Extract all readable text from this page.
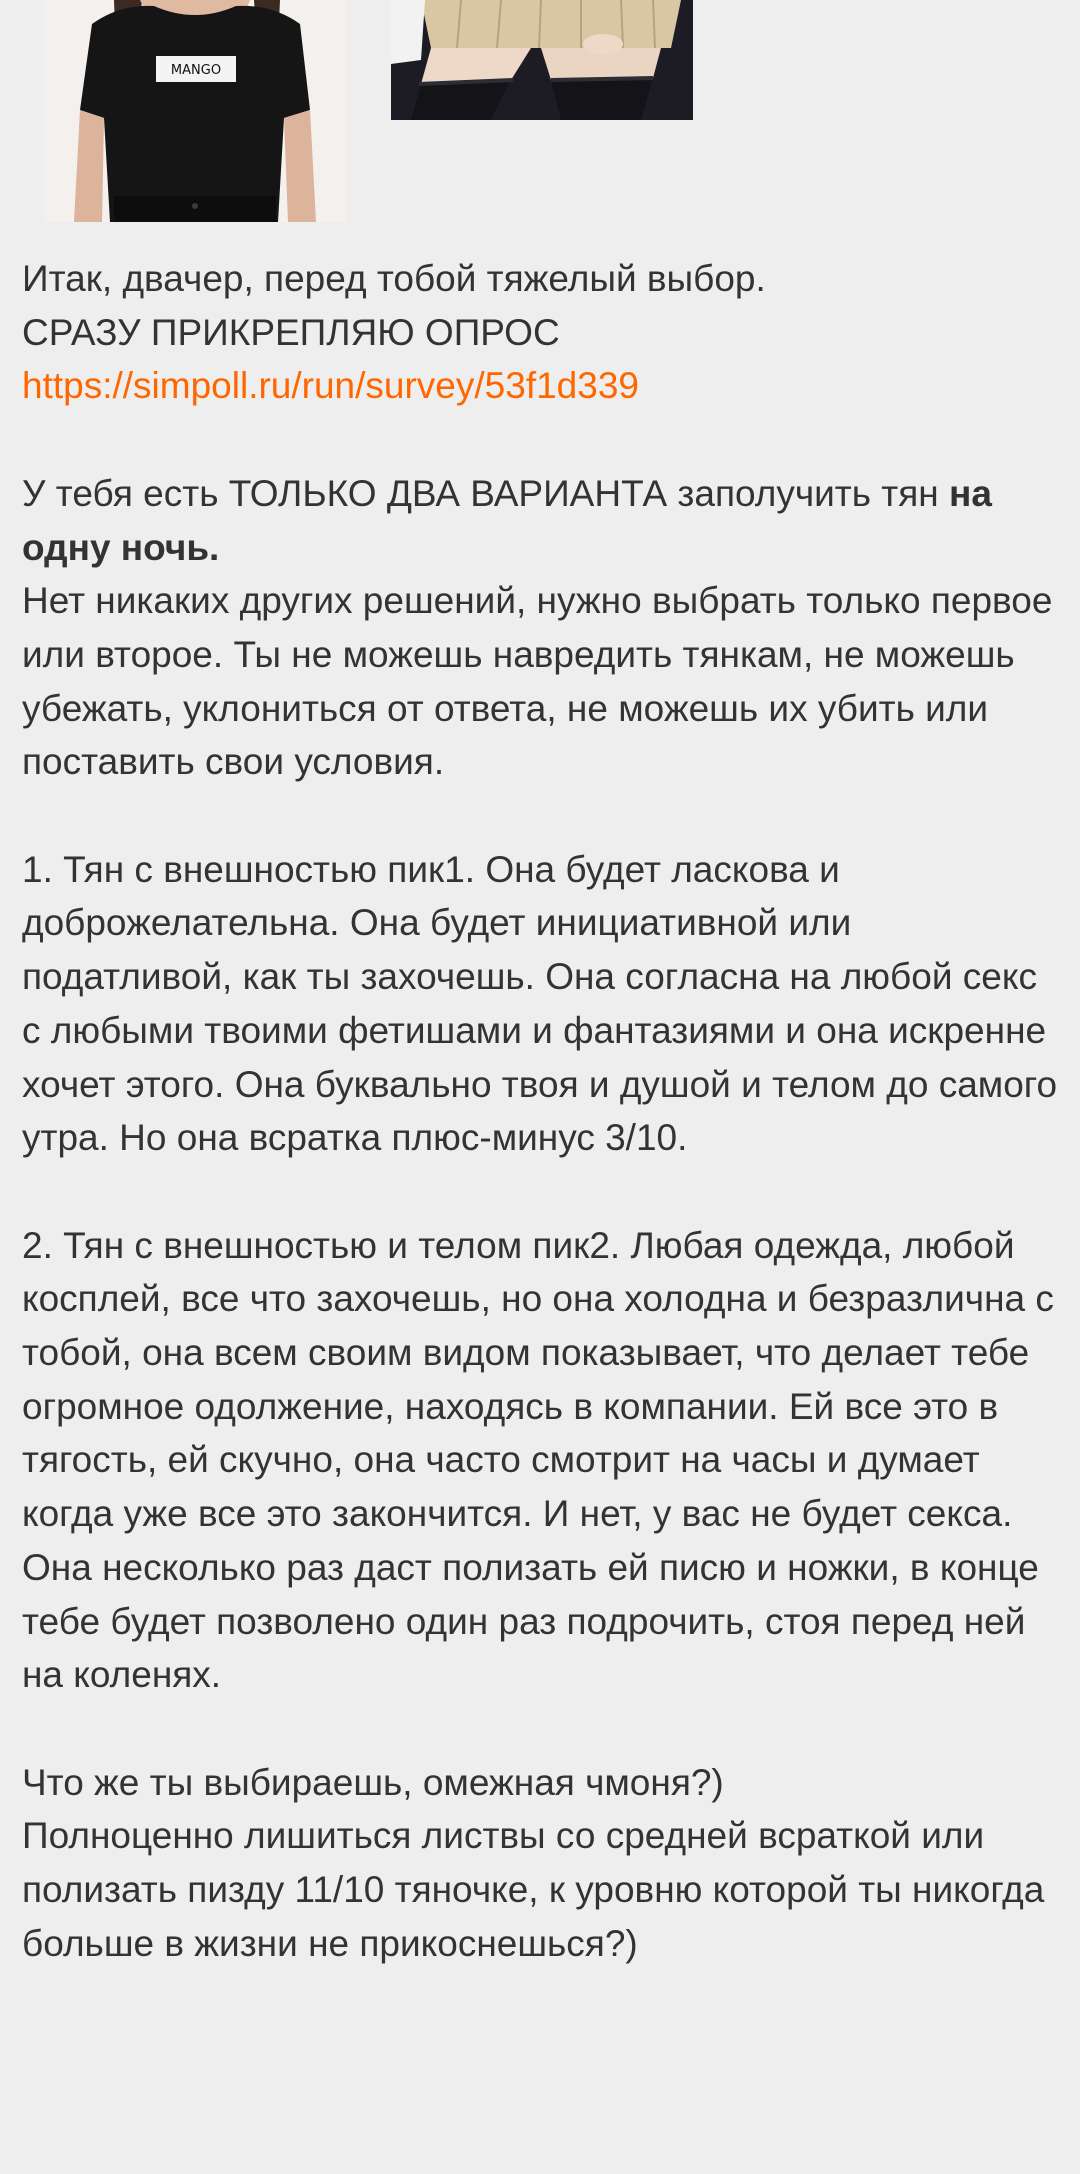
MANGO

Итак, двачер, перед тобой тяжелый выбор.

СРАЗУ ПРИКРЕПЛЯЮ ОПРОС

https://simpoll.ru/run/survey/53f1d339

У тебя есть ТОЛЬКО ДВА ВАРИАНТА заполучить тян на одну ночь.

Нет никаких других решений, нужно выбрать только первое или второе. Ты не можешь навредить тянкам, не можешь убежать, уклониться от ответа, не можешь их убить или поставить свои условия.

1. Тян с внешностью пик1. Она будет ласкова и доброжелательна. Она будет инициативной или податливой, как ты захочешь. Она согласна на любой секс с любыми твоими фетишами и фантазиями и она искренне хочет этого. Она буквально твоя и душой и телом до самого утра. Но она всратка плюс-минус 3/10.

2. Тян с внешностью и телом пик2. Любая одежда, любой косплей, все что захочешь, но она холодна и безразлична с тобой, она всем своим видом показывает, что делает тебе огромное одолжение, находясь в компании. Ей все это в тягость, ей скучно, она часто смотрит на часы и думает когда уже все это закончится. И нет, у вас не будет секса. Она несколько раз даст полизать ей писю и ножки, в конце тебе будет позволено один раз подрочить, стоя перед ней на коленях.

Что же ты выбираешь, омежная чмоня?)

Полноценно лишиться листвы со средней всраткой или полизать пизду 11/10 тяночке, к уровню которой ты никогда больше в жизни не прикоснешься?)
